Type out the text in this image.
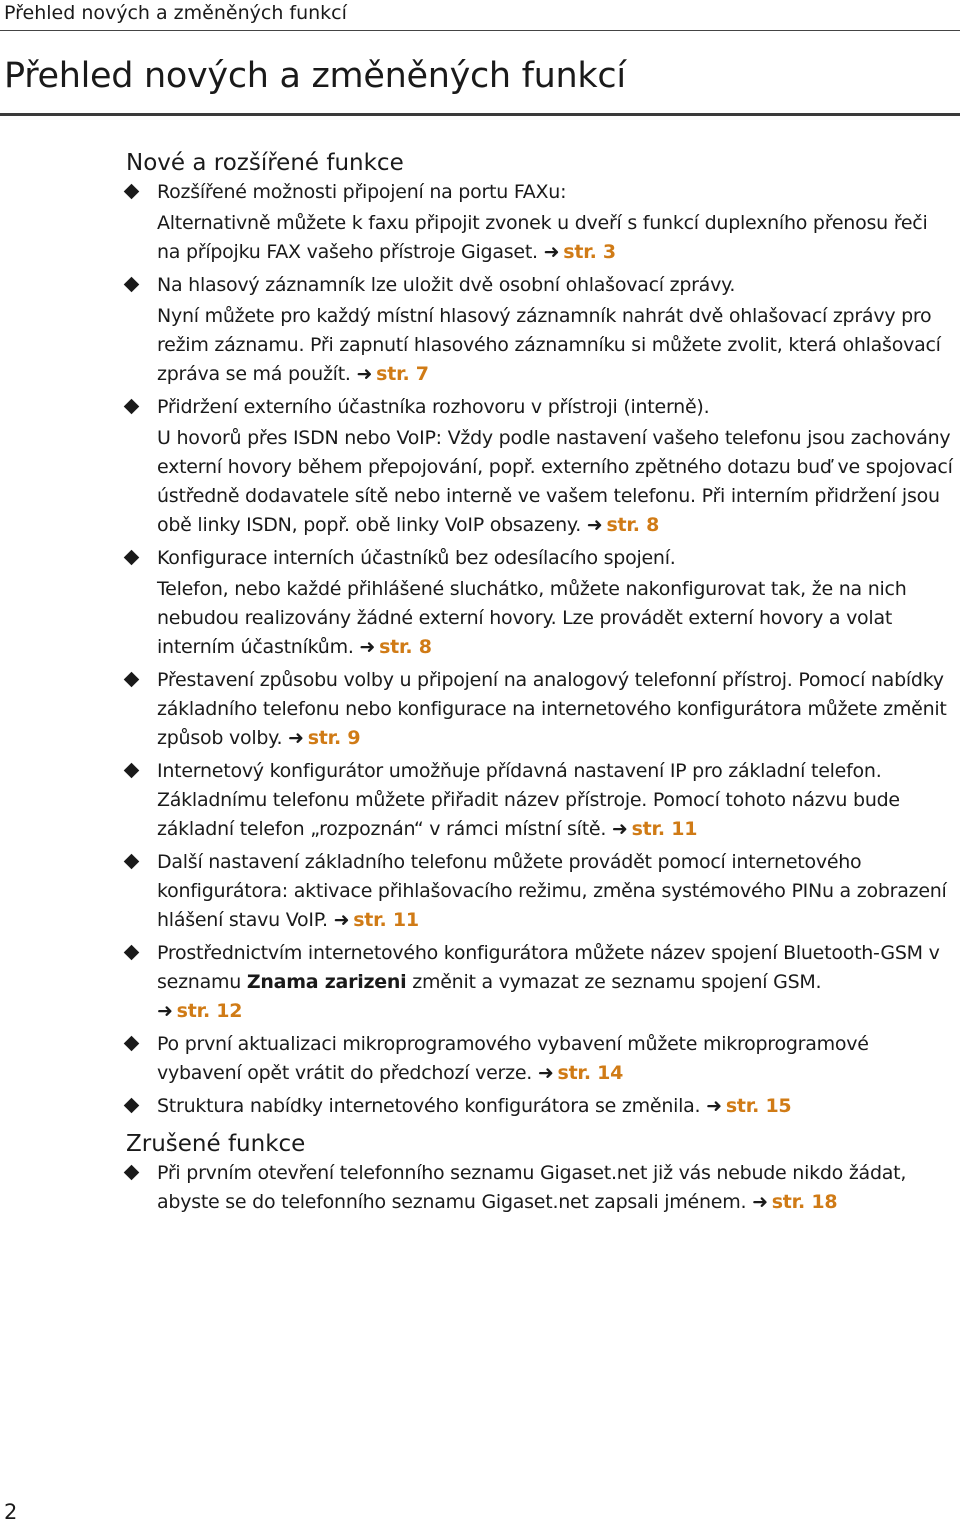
Přehled nových a změněných funkcí
Přehled nových a změněných funkcí
Nové a rozšířené funkce

Rozšířené možnosti připojení na portu FAXu:

Alternativně můžete k faxu připojit zvonek u dveří s funkcí duplexního přenosu řeči na přípojku FAX vašeho přístroje Gigaset. ➜ str. 3

Na hlasový záznamník lze uložit dvě osobní ohlašovací zprávy.

Nyní můžete pro každý místní hlasový záznamník nahrát dvě ohlašovací zprávy pro režim záznamu. Při zapnutí hlasového záznamníku si můžete zvolit, která ohlašovací zpráva se má použít. ➜ str. 7

Přidržení externího účastníka rozhovoru v přístroji (interně).

U hovorů přes ISDN nebo VoIP: Vždy podle nastavení vašeho telefonu jsou zachovány externí hovory během přepojování, popř. externího zpětného dotazu buď ve spojovací ústředně dodavatele sítě nebo interně ve vašem telefonu. Při interním přidržení jsou obě linky ISDN, popř. obě linky VoIP obsazeny. ➜ str. 8

Konfigurace interních účastníků bez odesílacího spojení.

Telefon, nebo každé přihlášené sluchátko, můžete nakonfigurovat tak, že na nich nebudou realizovány žádné externí hovory. Lze provádět externí hovory a volat interním účastníkům. ➜ str. 8

Přestavení způsobu volby u připojení na analogový telefonní přístroj. Pomocí nabídky základního telefonu nebo konfigurace na internetového konfigurátora můžete změnit způsob volby. ➜ str. 9

Internetový konfigurátor umožňuje přídavná nastavení IP pro základní telefon. Základnímu telefonu můžete přiřadit název přístroje. Pomocí tohoto názvu bude základní telefon „rozpoznán“ v rámci místní sítě. ➜ str. 11

Další nastavení základního telefonu můžete provádět pomocí internetového konfigurátora: aktivace přihlašovacího režimu, změna systémového PINu a zobrazení hlášení stavu VoIP. ➜ str. 11

Prostřednictvím internetového konfigurátora můžete název spojení Bluetooth-GSM v seznamu Znama zarizeni změnit a vymazat ze seznamu spojení GSM.
➜ str. 12

Po první aktualizaci mikroprogramového vybavení můžete mikroprogramové vybavení opět vrátit do předchozí verze. ➜ str. 14

Struktura nabídky internetového konfigurátora se změnila. ➜ str. 15

Zrušené funkce

Při prvním otevření telefonního seznamu Gigaset.net již vás nebude nikdo žádat, abyste se do telefonního seznamu Gigaset.net zapsali jménem. ➜ str. 18

2
